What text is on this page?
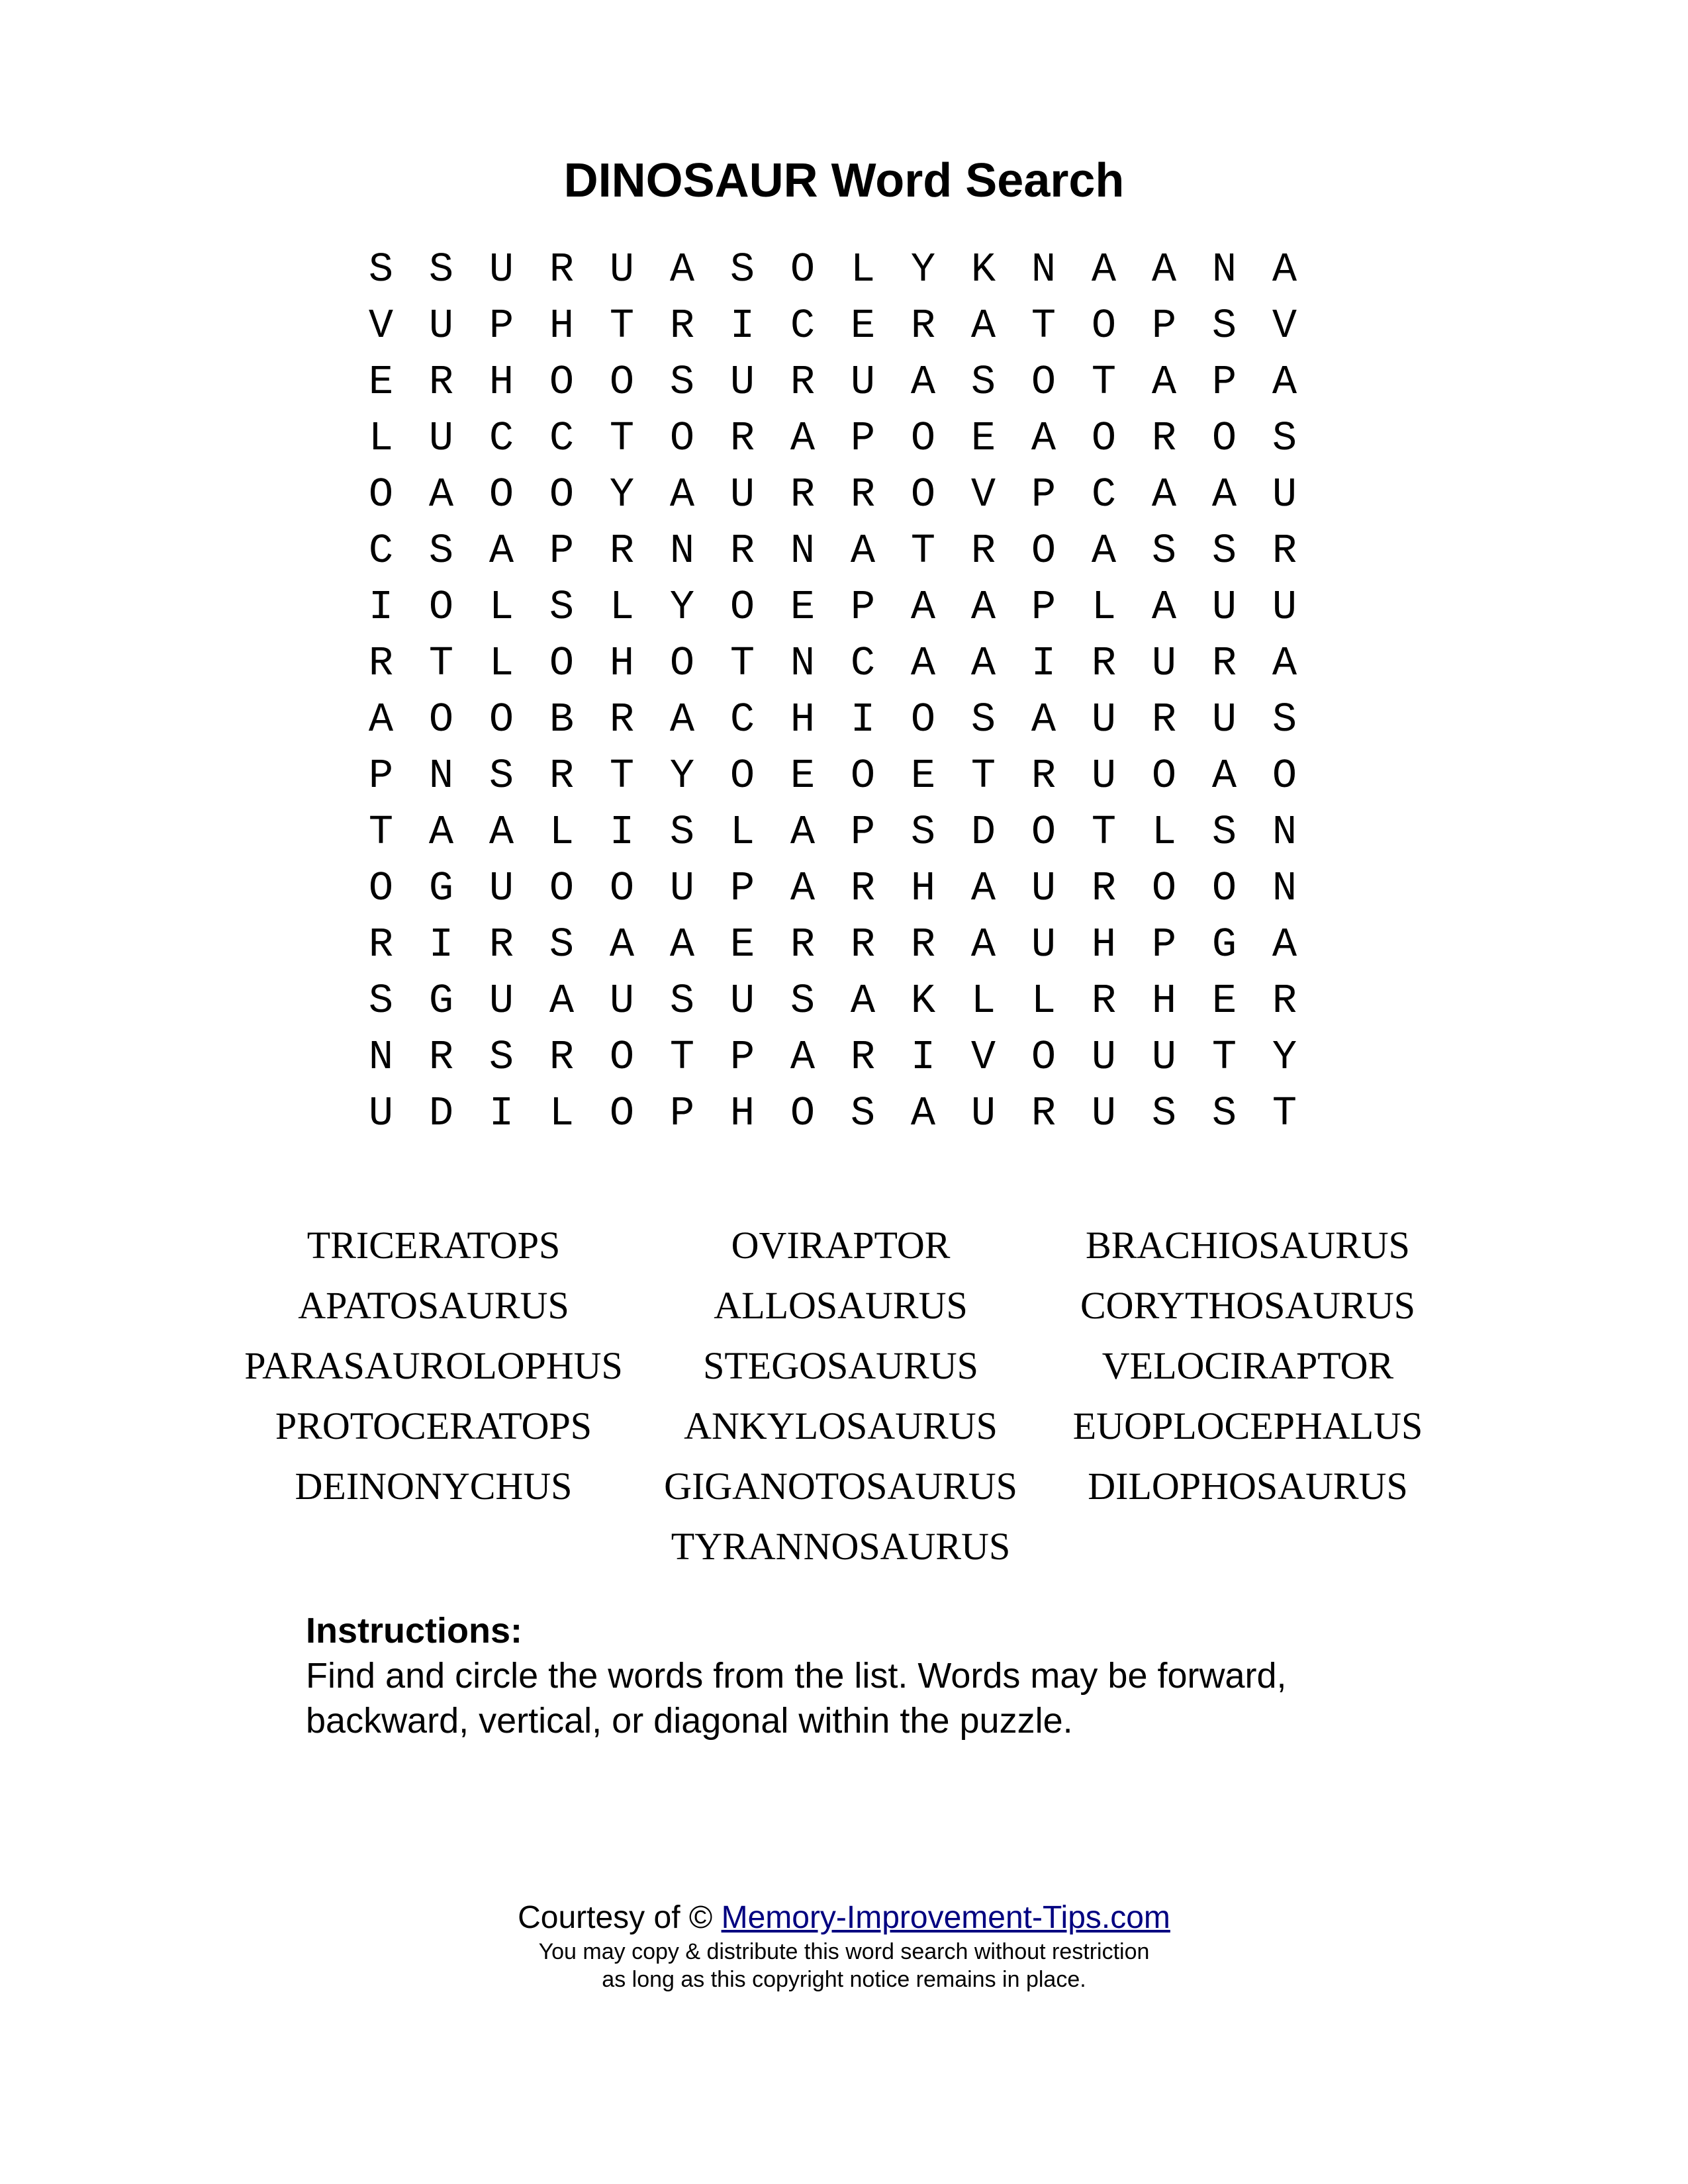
DINOSAUR Word Search
S S U R U A S O L Y K N A A N A
V U P H T R I C E R A T O P S V
E R H O O S U R U A S O T A P A
L U C C T O R A P O E A O R O S
O A O O Y A U R R O V P C A A U
C S A P R N R N A T R O A S S R
I O L S L Y O E P A A P L A U U
R T L O H O T N C A A I R U R A
A O O B R A C H I O S A U R U S
P N S R T Y O E O E T R U O A O
T A A L I S L A P S D O T L S N
O G U O O U P A R H A U R O O N
R I R S A A E R R R A U H P G A
S G U A U S U S A K L L R H E R
N R S R O T P A R I V O U U T Y
U D I L O P H O S A U R U S S T
TRICERATOPS	OVIRAPTOR	BRACHIOSAURUS
APATOSAURUS	ALLOSAURUS	CORYTHOSAURUS
PARASAUROLOPHUS	STEGOSAURUS	VELOCIRAPTOR
PROTOCERATOPS	ANKYLOSAURUS	EUOPLOCEPHALUS
DEINONYCHUS	GIGANOTOSAURUS	DILOPHOSAURUS
TYRANNOSAURUS
Instructions:
Find and circle the words from the list. Words may be forward,
backward, vertical, or diagonal within the puzzle.
Courtesy of © Memory-Improvement-Tips.com
You may copy & distribute this word search without restriction
as long as this copyright notice remains in place.
